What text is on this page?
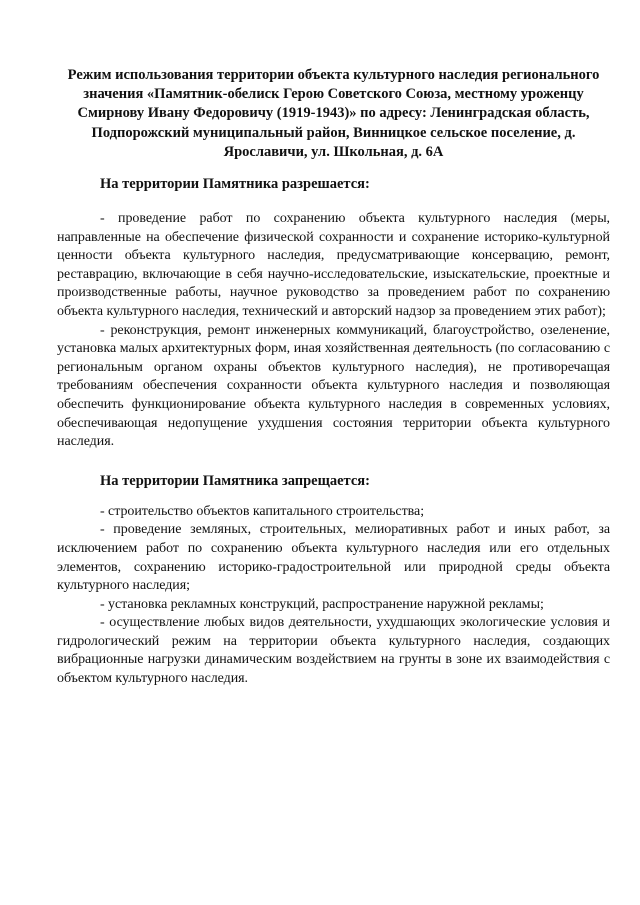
Режим использования территории объекта культурного наследия регионального значения «Памятник-обелиск Герою Советского Союза, местному уроженцу Смирнову Ивану Федоровичу (1919-1943)» по адресу: Ленинградская область, Подпорожский муниципальный район, Винницкое сельское поселение, д. Ярославичи, ул. Школьная, д. 6А

На территории Памятника разрешается:

- проведение работ по сохранению объекта культурного наследия (меры, направленные на обеспечение физической сохранности и сохранение историко-культурной ценности объекта культурного наследия, предусматривающие консервацию, ремонт, реставрацию, включающие в себя научно-исследовательские, изыскательские, проектные и производственные работы, научное руководство за проведением работ по сохранению объекта культурного наследия, технический и авторский надзор за проведением этих работ);

- реконструкция, ремонт инженерных коммуникаций, благоустройство, озеленение, установка малых архитектурных форм, иная хозяйственная деятельность (по согласованию с региональным органом охраны объектов культурного наследия), не противоречащая требованиям обеспечения сохранности объекта культурного наследия и позволяющая обеспечить функционирование объекта культурного наследия в современных условиях, обеспечивающая недопущение ухудшения состояния территории объекта культурного наследия.

На территории Памятника запрещается:

- строительство объектов капитального строительства;

- проведение земляных, строительных, мелиоративных работ и иных работ, за исключением работ по сохранению объекта культурного наследия или его отдельных элементов, сохранению историко-градостроительной или природной среды объекта культурного наследия;

- установка рекламных конструкций, распространение наружной рекламы;

- осуществление любых видов деятельности, ухудшающих экологические условия и гидрологический режим на территории объекта культурного наследия, создающих вибрационные нагрузки динамическим воздействием на грунты в зоне их взаимодействия с объектом культурного наследия.
